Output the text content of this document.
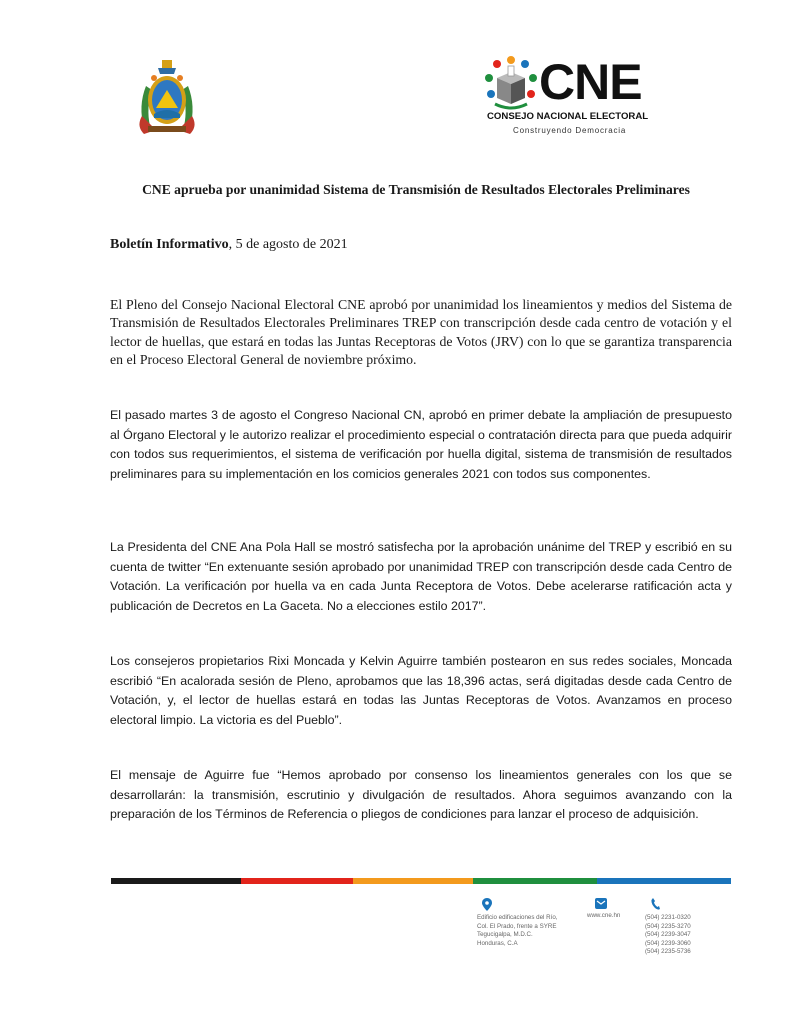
CNE
CONSEJO NACIONAL ELECTORAL
Construyendo Democracia
CNE aprueba por unanimidad Sistema de Transmisión de Resultados Electorales Preliminares
Boletín Informativo, 5 de agosto de 2021

El Pleno del Consejo Nacional Electoral CNE aprobó por unanimidad los lineamientos y medios del Sistema de Transmisión de Resultados Electorales Preliminares TREP con transcripción desde cada centro de votación y el lector de huellas, que estará en todas las Juntas Receptoras de Votos (JRV) con lo que se garantiza transparencia en el Proceso Electoral General de noviembre próximo.

El pasado martes 3 de agosto el Congreso Nacional CN, aprobó en primer debate la ampliación de presupuesto al Órgano Electoral y le autorizo realizar el procedimiento especial o contratación directa para que pueda adquirir con todos sus requerimientos, el sistema de verificación por huella digital, sistema de transmisión de resultados preliminares para su implementación en los comicios generales 2021 con todos sus componentes.

La Presidenta del CNE Ana Pola Hall se mostró satisfecha por la aprobación unánime del TREP y escribió en su cuenta de twitter “En extenuante sesión aprobado por unanimidad TREP con transcripción desde cada Centro de Votación. La verificación por huella va en cada Junta Receptora de Votos. Debe acelerarse ratificación acta y publicación de Decretos en La Gaceta. No a elecciones estilo 2017”.

Los consejeros propietarios Rixi Moncada y Kelvin Aguirre también postearon en sus redes sociales, Moncada escribió “En acalorada sesión de Pleno, aprobamos que las 18,396 actas, será digitadas desde cada Centro de Votación, y, el lector de huellas estará en todas las Juntas Receptoras de Votos. Avanzamos en proceso electoral limpio. La victoria es del Pueblo”.

El mensaje de Aguirre fue “Hemos aprobado por consenso los lineamientos generales con los que se desarrollarán: la transmisión, escrutinio y divulgación de resultados. Ahora seguimos avanzando con la preparación de los Términos de Referencia o pliegos de condiciones para lanzar el proceso de adquisición.

Edificio edificaciones del Río,
Col. El Prado, frente a SYRE
Tegucigalpa, M.D.C.
Honduras, C.A
www.cne.hn	(504) 2231-0320
(504) 2235-3270
(504) 2239-3047
(504) 2239-3060
(504) 2235-5736
